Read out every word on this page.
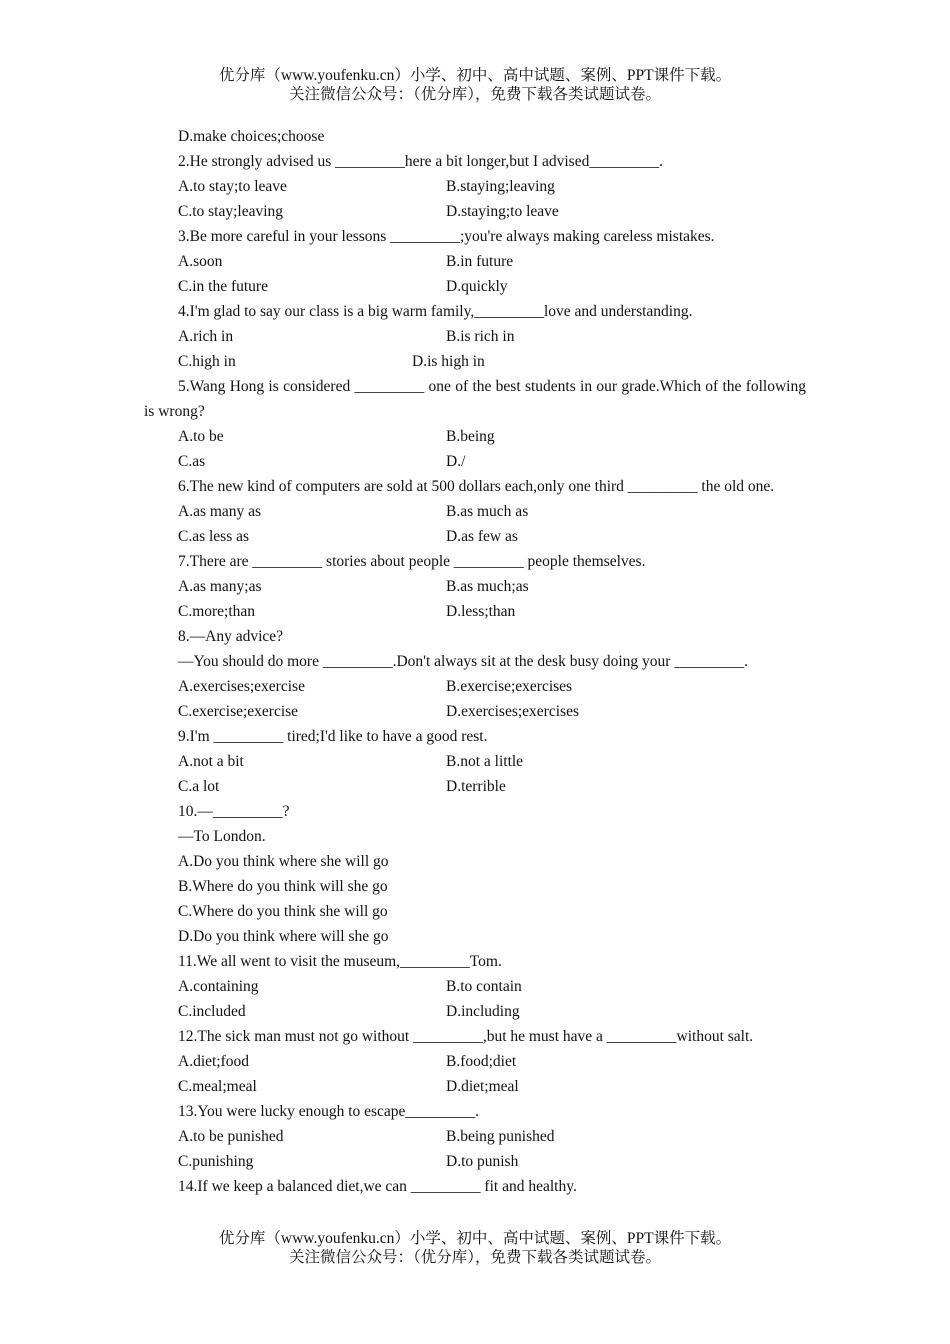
优分库（www.youfenku.cn）小学、初中、高中试题、案例、PPT课件下载。
关注微信公众号：（优分库），免费下载各类试题试卷。
D.make choices;choose
2.He strongly advised us _________here a bit longer,but I advised_________.
A.to stay;to leave	B.staying;leaving
C.to stay;leaving	D.staying;to leave
3.Be more careful in your lessons _________;you're always making careless mistakes.
A.soon	B.in future
C.in the future	D.quickly
4.I'm glad to say our class is a big warm family,_________love and understanding.
A.rich in	B.is rich in
C.high in	D.is high in
5.Wang Hong is considered _________ one of the best students in our grade.Which of the following is wrong?
A.to be	B.being
C.as	D./
6.The new kind of computers are sold at 500 dollars each,only one third _________ the old one.
A.as many as	B.as much as
C.as less as	D.as few as
7.There are _________ stories about people _________ people themselves.
A.as many;as	B.as much;as
C.more;than	D.less;than
8.—Any advice?
—You should do more _________.Don't always sit at the desk busy doing your _________.
A.exercises;exercise	B.exercise;exercises
C.exercise;exercise	D.exercises;exercises
9.I'm _________ tired;I'd like to have a good rest.
A.not a bit	B.not a little
C.a lot	D.terrible
10.—_________?
—To London.
A.Do you think where she will go
B.Where do you think will she go
C.Where do you think she will go
D.Do you think where will she go
11.We all went to visit the museum,_________Tom.
A.containing	B.to contain
C.included	D.including
12.The sick man must not go without _________,but he must have a _________without salt.
A.diet;food	B.food;diet
C.meal;meal	D.diet;meal
13.You were lucky enough to escape_________.
A.to be punished	B.being punished
C.punishing	D.to punish
14.If we keep a balanced diet,we can _________ fit and healthy.
优分库（www.youfenku.cn）小学、初中、高中试题、案例、PPT课件下载。
关注微信公众号：（优分库），免费下载各类试题试卷。
